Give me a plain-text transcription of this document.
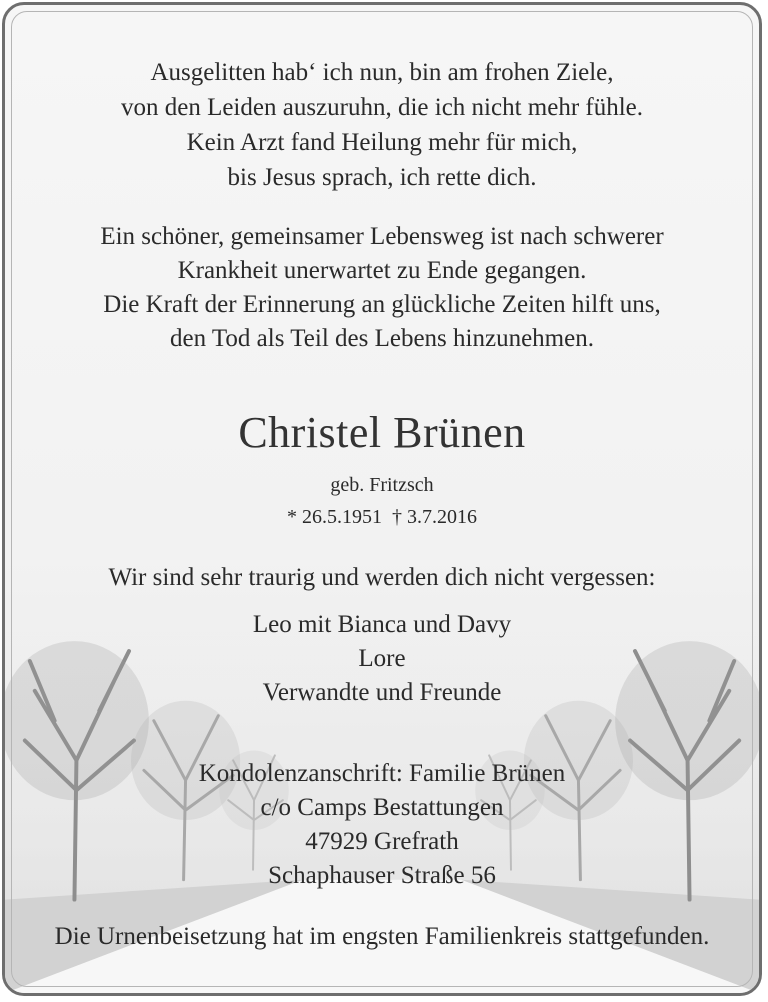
Ausgelitten hab‘ ich nun, bin am frohen Ziele,
von den Leiden auszuruhn, die ich nicht mehr fühle.
Kein Arzt fand Heilung mehr für mich,
bis Jesus sprach, ich rette dich.
Ein schöner, gemeinsamer Lebensweg ist nach schwerer
Krankheit unerwartet zu Ende gegangen.
Die Kraft der Erinnerung an glückliche Zeiten hilft uns,
den Tod als Teil des Lebens hinzunehmen.
Christel Brünen
geb. Fritzsch
* 26.5.1951  † 3.7.2016
Wir sind sehr traurig und werden dich nicht vergessen:
Leo mit Bianca und Davy
Lore
Verwandte und Freunde
Kondolenzanschrift: Familie Brünen
c/o Camps Bestattungen
47929 Grefrath
Schaphauser Straße 56
Die Urnenbeisetzung hat im engsten Familienkreis stattgefunden.
